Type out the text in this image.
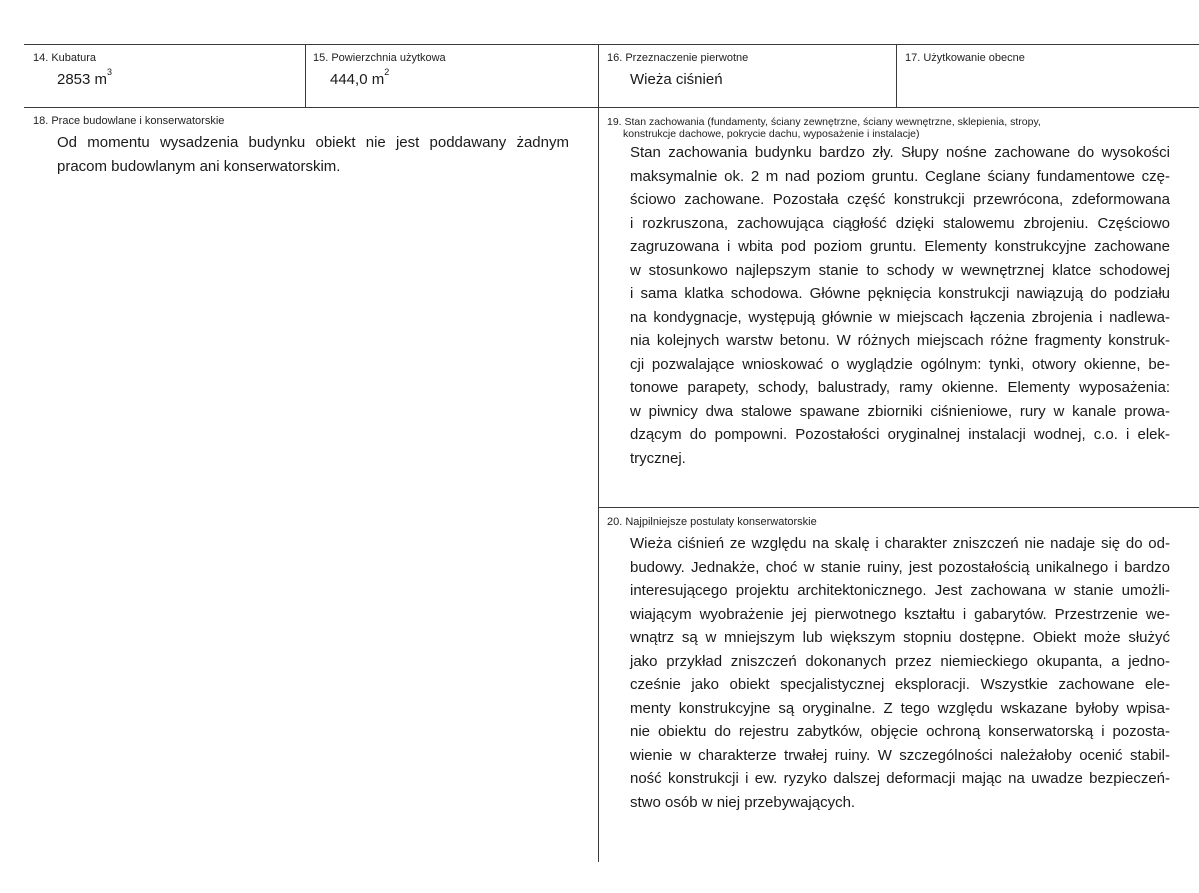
14. Kubatura
2853 $m^3$
15. Powierzchnia użytkowa
444,0 $m^2$
16. Przeznaczenie pierwotne
Wieża ciśnień
17. Użytkowanie obecne
18. Prace budowlane i konserwatorskie

Od momentu wysadzenia budynku obiekt nie jest poddawany żadnym

pracom budowlanym ani konserwatorskim.

19. Stan zachowania (fundamenty, ściany zewnętrzne, ściany wewnętrzne, sklepienia, stropy,
konstrukcje dachowe, pokrycie dachu, wyposażenie i instalacje)

Stan zachowania budynku bardzo zły. Słupy nośne zachowane do wysokości

maksymalnie ok. 2 m nad poziom gruntu. Ceglane ściany fundamentowe czę-

ściowo zachowane. Pozostała część konstrukcji przewrócona, zdeformowana

i rozkruszona, zachowująca ciągłość dzięki stalowemu zbrojeniu. Częściowo

zagruzowana i wbita pod poziom gruntu. Elementy konstrukcyjne zachowane

w stosunkowo najlepszym stanie to schody w wewnętrznej klatce schodowej

i sama klatka schodowa. Główne pęknięcia konstrukcji nawiązują do podziału

na kondygnacje, występują głównie w miejscach łączenia zbrojenia i nadlewa-

nia kolejnych warstw betonu. W różnych miejscach różne fragmenty konstruk-

cji pozwalające wnioskować o wyglądzie ogólnym: tynki, otwory okienne, be-

tonowe parapety, schody, balustrady, ramy okienne. Elementy wyposażenia:

w piwnicy dwa stalowe spawane zbiorniki ciśnieniowe, rury w kanale prowa-

dzącym do pompowni. Pozostałości oryginalnej instalacji wodnej, c.o. i elek-

trycznej.

20. Najpilniejsze postulaty konserwatorskie

Wieża ciśnień ze względu na skalę i charakter zniszczeń nie nadaje się do od-

budowy. Jednakże, choć w stanie ruiny, jest pozostałością unikalnego i bardzo

interesującego projektu architektonicznego. Jest zachowana w stanie umożli-

wiającym wyobrażenie jej pierwotnego kształtu i gabarytów. Przestrzenie we-

wnątrz są w mniejszym lub większym stopniu dostępne. Obiekt może służyć

jako przykład zniszczeń dokonanych przez niemieckiego okupanta, a jedno-

cześnie jako obiekt specjalistycznej eksploracji. Wszystkie zachowane ele-

menty konstrukcyjne są oryginalne. Z tego względu wskazane byłoby wpisa-

nie obiektu do rejestru zabytków, objęcie ochroną konserwatorską i pozosta-

wienie w charakterze trwałej ruiny. W szczególności należałoby ocenić stabil-

ność konstrukcji i ew. ryzyko dalszej deformacji mając na uwadze bezpieczeń-

stwo osób w niej przebywających.
